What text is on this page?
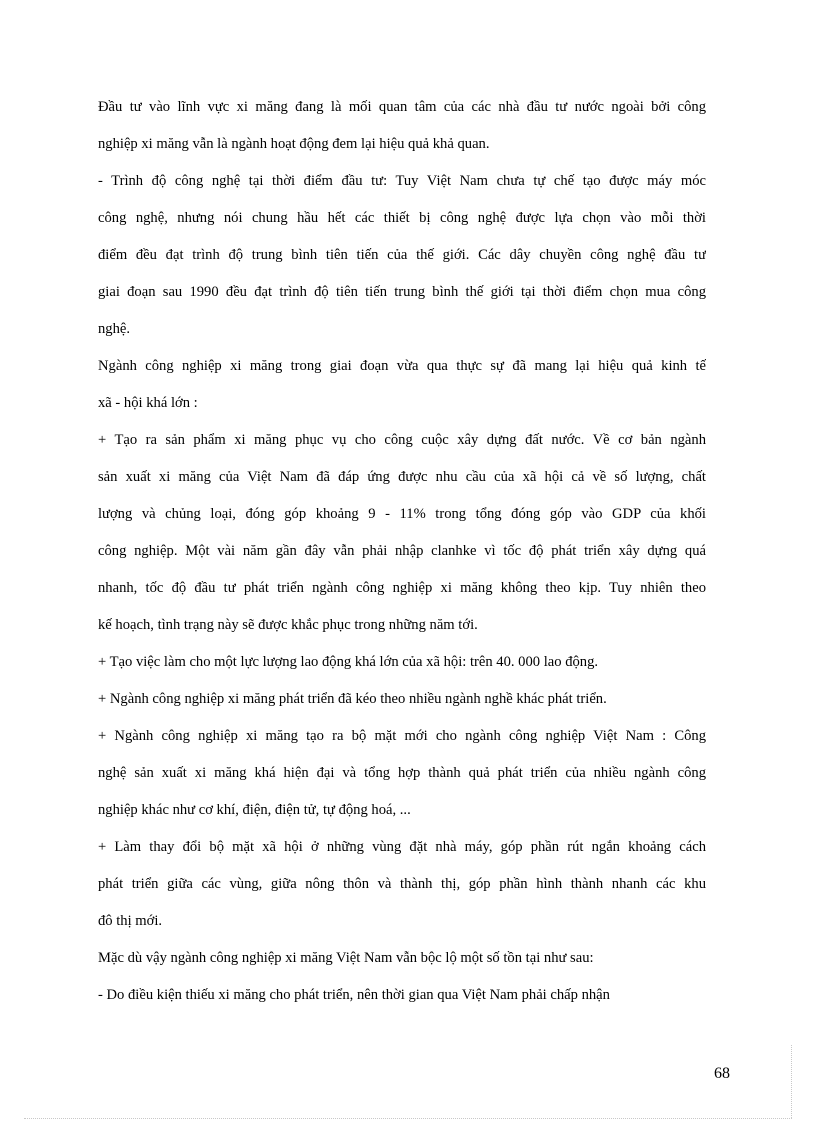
Đầu tư vào lĩnh vực xi măng đang là mối quan tâm của các nhà đầu tư nước ngoài bởi công
nghiệp xi măng vẫn là ngành hoạt động đem lại hiệu quả khả quan.
- Trình độ công nghệ tại thời điểm đầu tư: Tuy Việt Nam chưa tự chế tạo được máy móc
công nghệ, nhưng nói chung hầu hết các thiết bị công nghệ được lựa chọn vào mỗi thời
điểm đều đạt trình độ trung bình tiên tiến của thế giới. Các dây chuyền công nghệ đầu tư
giai đoạn sau 1990 đều đạt trình độ tiên tiến trung bình thế giới tại thời điểm chọn mua công
nghệ.
Ngành công nghiệp xi măng trong giai đoạn vừa qua thực sự đã mang lại hiệu quả kinh tế
xã - hội khá lớn :
+ Tạo ra sản phẩm xi măng phục vụ cho công cuộc xây dựng đất nước. Về cơ bản ngành
sản xuất xi măng của Việt Nam đã đáp ứng được nhu cầu của xã hội cả về số lượng, chất
lượng và chủng loại, đóng góp khoảng 9 - 11% trong tổng đóng góp vào GDP của khối
công nghiệp. Một vài năm gần đây vẫn phải nhập clanhke vì tốc độ phát triển xây dựng quá
nhanh, tốc độ đầu tư phát triển ngành công nghiệp xi măng không theo kịp. Tuy nhiên theo
kế hoạch, tình trạng này sẽ được khắc phục trong những năm tới.
+ Tạo việc làm cho một lực lượng lao động khá lớn của xã hội: trên 40. 000 lao động.
+ Ngành công nghiệp xi măng phát triển đã kéo theo nhiều ngành nghề khác phát triển.
+ Ngành công nghiệp xi măng tạo ra bộ mặt mới cho ngành công nghiệp Việt Nam : Công
nghệ sản xuất xi măng khá hiện đại và tổng hợp thành quả phát triển của nhiều ngành công
nghiệp khác như cơ khí, điện, điện tử, tự động hoá, ...
+ Làm thay đổi bộ mặt xã hội ở những vùng đặt nhà máy, góp phần rút ngắn khoảng cách
phát triển giữa các vùng, giữa nông thôn và thành thị, góp phần hình thành nhanh các khu
đô thị mới.
Mặc dù vậy ngành công nghiệp xi măng Việt Nam vẫn bộc lộ một số tồn tại như sau:
- Do điều kiện thiếu xi măng cho phát triển, nên thời gian qua Việt Nam phải chấp nhận
68
